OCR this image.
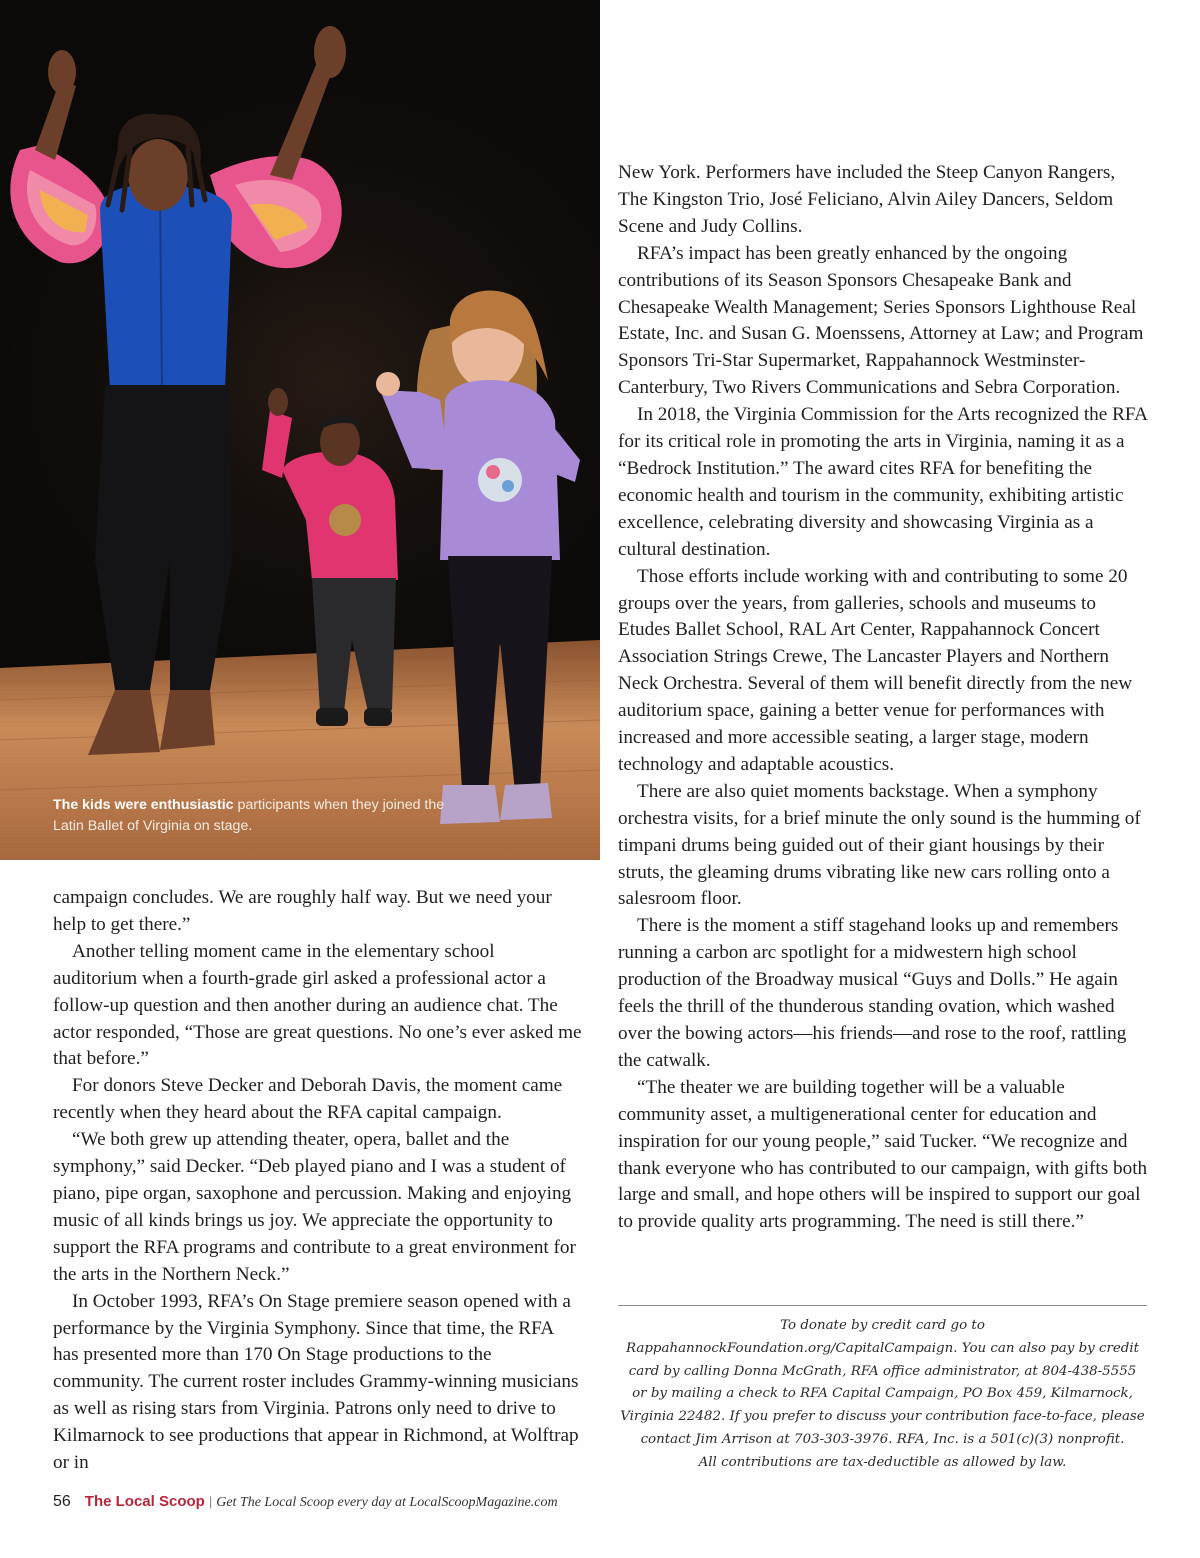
The kids were enthusiastic participants when they joined the Latin Ballet of Virginia on stage.

campaign concludes. We are roughly half way. But we need your help to get there.”

Another telling moment came in the elementary school auditorium when a fourth-grade girl asked a professional actor a follow-up question and then another during an audience chat. The actor responded, “Those are great questions. No one’s ever asked me that before.”

For donors Steve Decker and Deborah Davis, the moment came recently when they heard about the RFA capital campaign.

“We both grew up attending theater, opera, ballet and the symphony,” said Decker. “Deb played piano and I was a student of piano, pipe organ, saxophone and percussion. Making and enjoying music of all kinds brings us joy. We appreciate the opportunity to support the RFA programs and contribute to a great environment for the arts in the Northern Neck.”

In October 1993, RFA’s On Stage premiere season opened with a performance by the Virginia Symphony. Since that time, the RFA has presented more than 170 On Stage productions to the community. The current roster includes Grammy-winning musicians as well as rising stars from Virginia. Patrons only need to drive to Kilmarnock to see productions that appear in Richmond, at Wolftrap or in

New York. Performers have included the Steep Canyon Rangers, The Kingston Trio, José Feliciano, Alvin Ailey Dancers, Seldom Scene and Judy Collins.

RFA’s impact has been greatly enhanced by the ongoing contributions of its Season Sponsors Chesapeake Bank and Chesapeake Wealth Management; Series Sponsors Lighthouse Real Estate, Inc. and Susan G. Moenssens, Attorney at Law; and Program Sponsors Tri-Star Supermarket, Rappahannock Westminster-Canterbury, Two Rivers Communications and Sebra Corporation.

In 2018, the Virginia Commission for the Arts recognized the RFA for its critical role in promoting the arts in Virginia, naming it as a “Bedrock Institution.” The award cites RFA for benefiting the economic health and tourism in the community, exhibiting artistic excellence, celebrating diversity and showcasing Virginia as a cultural destination.

Those efforts include working with and contributing to some 20 groups over the years, from galleries, schools and museums to Etudes Ballet School, RAL Art Center, Rappahannock Concert Association Strings Crewe, The Lancaster Players and Northern Neck Orchestra. Several of them will benefit directly from the new auditorium space, gaining a better venue for performances with increased and more accessible seating, a larger stage, modern technology and adaptable acoustics.

There are also quiet moments backstage. When a symphony orchestra visits, for a brief minute the only sound is the humming of timpani drums being guided out of their giant housings by their struts, the gleaming drums vibrating like new cars rolling onto a salesroom floor.

There is the moment a stiff stagehand looks up and remembers running a carbon arc spotlight for a midwestern high school production of the Broadway musical “Guys and Dolls.” He again feels the thrill of the thunderous standing ovation, which washed over the bowing actors—his friends—and rose to the roof, rattling the catwalk.

“The theater we are building together will be a valuable community asset, a multigenerational center for education and inspiration for our young people,” said Tucker. “We recognize and thank everyone who has contributed to our campaign, with gifts both large and small, and hope others will be inspired to support our goal to provide quality arts programming. The need is still there.”

To donate by credit card go to
RappahannockFoundation.org/CapitalCampaign. You can also pay by credit
card by calling Donna McGrath, RFA office administrator, at 804-438-5555
or by mailing a check to RFA Capital Campaign, PO Box 459, Kilmarnock,
Virginia 22482. If you prefer to discuss your contribution face-to-face, please
contact Jim Arrison at 703-303-3976. RFA, Inc. is a 501(c)(3) nonprofit.
All contributions are tax-deductible as allowed by law.
56 The Local Scoop | Get The Local Scoop every day at LocalScoopMagazine.com
